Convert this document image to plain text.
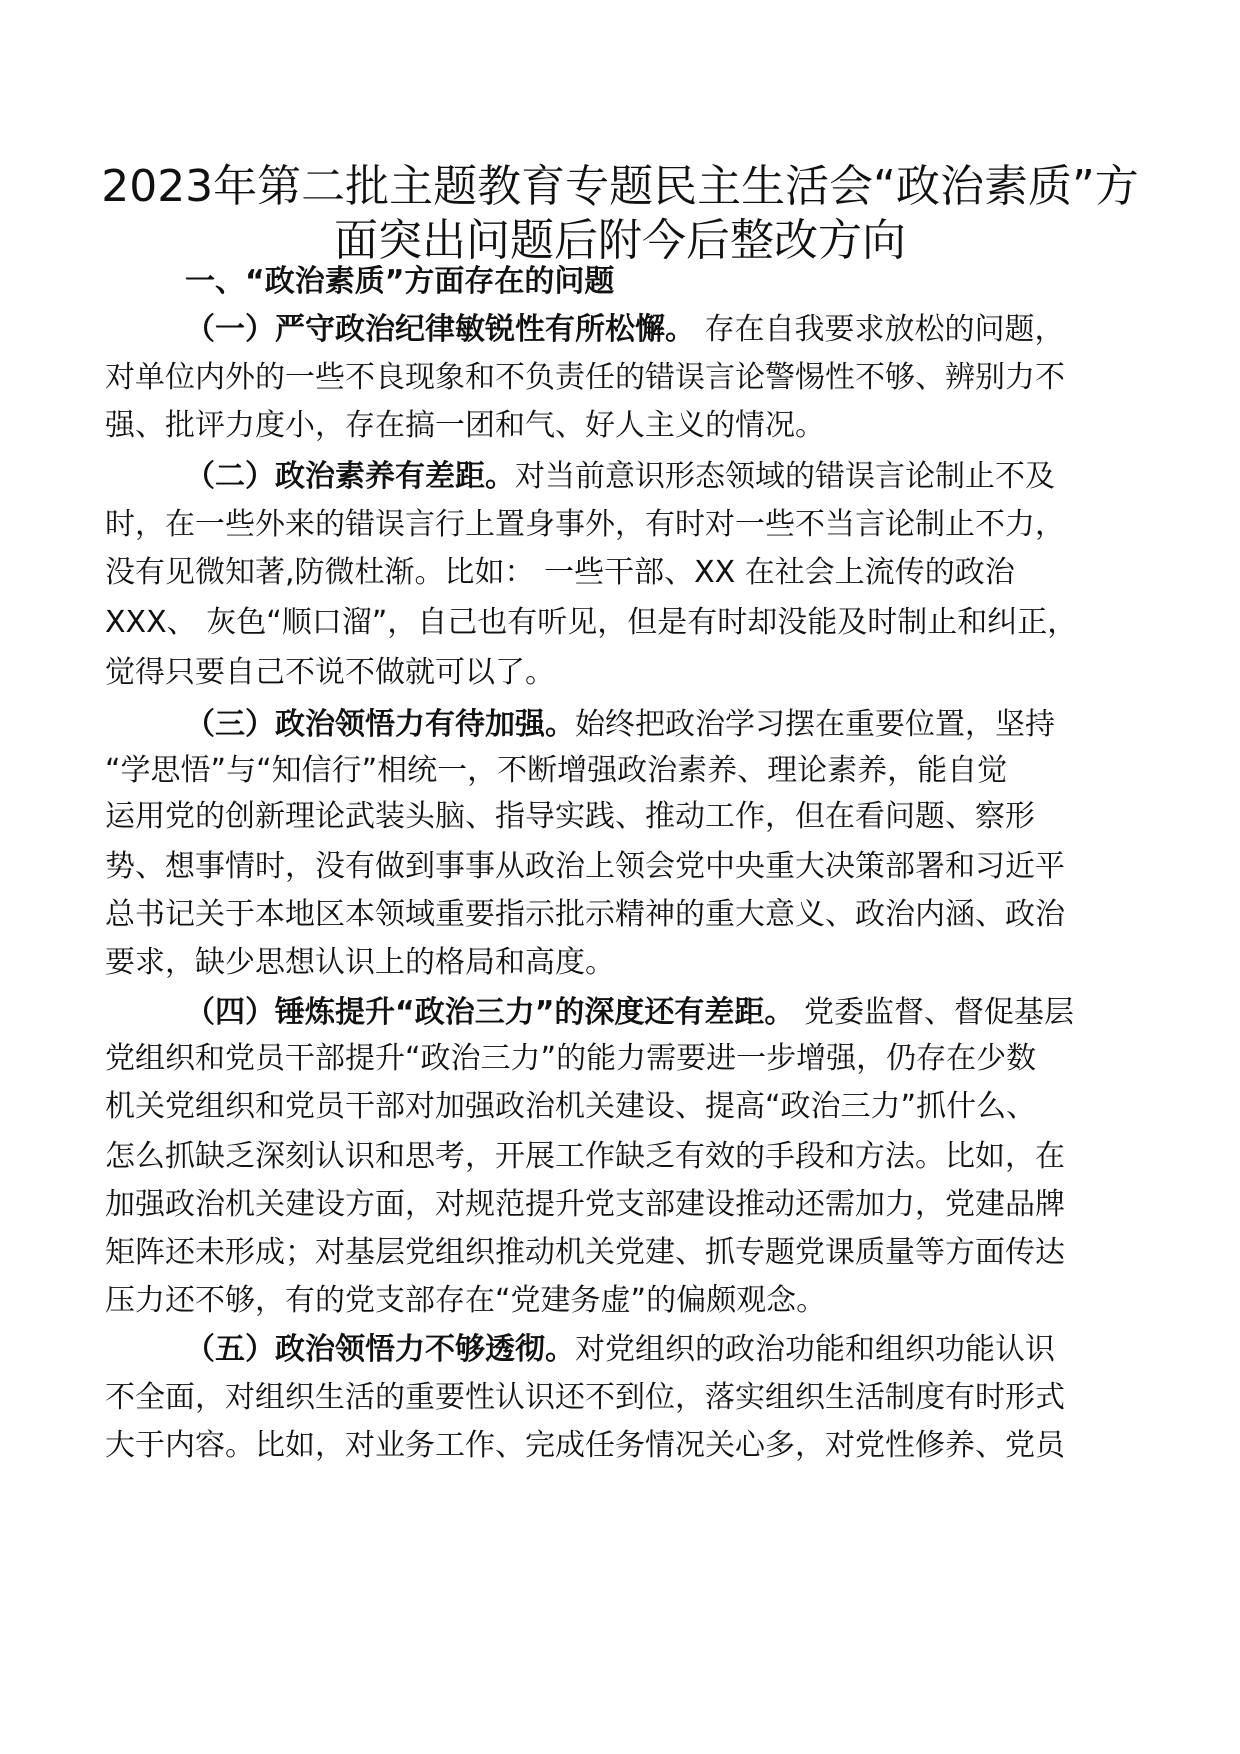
2023年第二批主题教育专题民主生活会“政治素质”方
面突出问题后附今后整改方向
一、“政治素质”方面存在的问题
（一）严守政治纪律敏锐性有所松懈。 存在自我要求放松的问题，
对单位内外的一些不良现象和不负责任的错误言论警惕性不够、辨别力不
强、批评力度小，存在搞一团和气、好人主义的情况。
（二）政治素养有差距。对当前意识形态领域的错误言论制止不及
时，在一些外来的错误言行上置身事外，有时对一些不当言论制止不力，
没有见微知著,防微杜渐。比如： 一些干部、XX 在社会上流传的政治
XXX、 灰色“顺口溜”，自己也有听见，但是有时却没能及时制止和纠正，
觉得只要自己不说不做就可以了。
（三）政治领悟力有待加强。始终把政治学习摆在重要位置，坚持
“学思悟”与“知信行”相统一，不断增强政治素养、理论素养，能自觉
运用党的创新理论武装头脑、指导实践、推动工作，但在看问题、察形
势、想事情时，没有做到事事从政治上领会党中央重大决策部署和习近平
总书记关于本地区本领域重要指示批示精神的重大意义、政治内涵、政治
要求，缺少思想认识上的格局和高度。
（四）锤炼提升“政治三力”的深度还有差距。 党委监督、督促基层
党组织和党员干部提升“政治三力”的能力需要进一步增强，仍存在少数
机关党组织和党员干部对加强政治机关建设、提高“政治三力”抓什么、
怎么抓缺乏深刻认识和思考，开展工作缺乏有效的手段和方法。比如，在
加强政治机关建设方面，对规范提升党支部建设推动还需加力，党建品牌
矩阵还未形成；对基层党组织推动机关党建、抓专题党课质量等方面传达
压力还不够，有的党支部存在“党建务虚”的偏颇观念。
（五）政治领悟力不够透彻。对党组织的政治功能和组织功能认识
不全面，对组织生活的重要性认识还不到位，落实组织生活制度有时形式
大于内容。比如，对业务工作、完成任务情况关心多，对党性修养、党员
